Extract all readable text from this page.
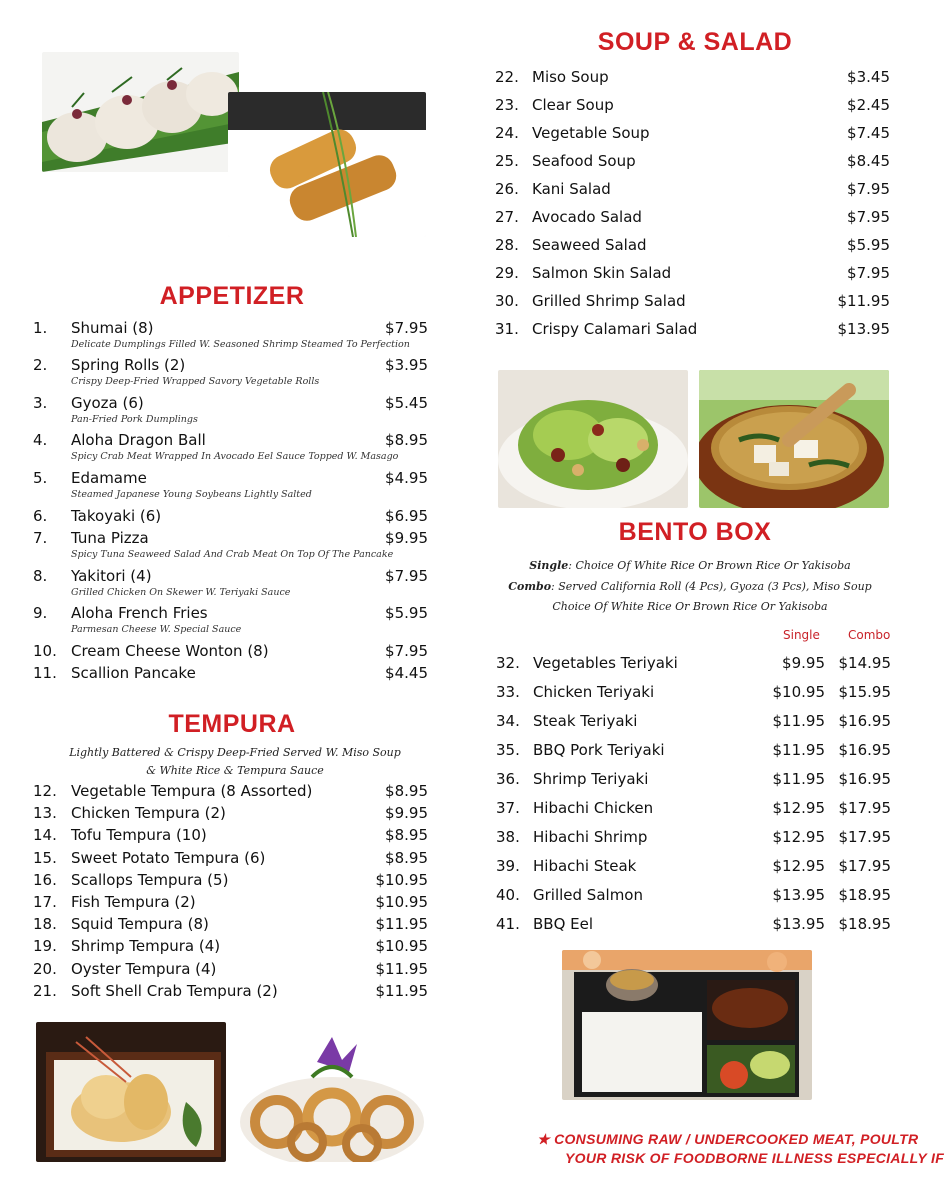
APPETIZER
1. Shumai (8)	$7.95
Delicate Dumplings Filled W. Seasoned Shrimp Steamed To Perfection
2. Spring Rolls (2)	$3.95
Crispy Deep-Fried Wrapped Savory Vegetable Rolls
3. Gyoza (6)	$5.45
Pan-Fried Pork Dumplings
4. Aloha Dragon Ball	$8.95
Spicy Crab Meat Wrapped In Avocado Eel Sauce Topped W. Masago
5. Edamame	$4.95
Steamed Japanese Young Soybeans Lightly Salted
6. Takoyaki (6)	$6.95
7. Tuna Pizza	$9.95
Spicy Tuna Seaweed Salad And Crab Meat On Top Of The Pancake
8. Yakitori (4)	$7.95
Grilled Chicken On Skewer W. Teriyaki Sauce
9. Aloha French Fries	$5.95
Parmesan Cheese W. Special Sauce
10. Cream Cheese Wonton (8)	$7.95
11. Scallion Pancake	$4.45
TEMPURA
Lightly Battered & Crispy Deep-Fried Served W. Miso Soup
& White Rice & Tempura Sauce
12. Vegetable Tempura (8 Assorted)	$8.95
13. Chicken Tempura (2)	$9.95
14. Tofu Tempura (10)	$8.95
15. Sweet Potato Tempura (6)	$8.95
16. Scallops Tempura (5)	$10.95
17. Fish Tempura (2)	$10.95
18. Squid Tempura (8)	$11.95
19. Shrimp Tempura (4)	$10.95
20. Oyster Tempura (4)	$11.95
21. Soft Shell Crab Tempura (2)	$11.95
SOUP & SALAD
22. Miso Soup	$3.45
23. Clear Soup	$2.45
24. Vegetable Soup	$7.45
25. Seafood Soup	$8.45
26. Kani Salad	$7.95
27. Avocado Salad	$7.95
28. Seaweed Salad	$5.95
29. Salmon Skin Salad	$7.95
30. Grilled Shrimp Salad	$11.95
31. Crispy Calamari Salad	$13.95
BENTO BOX
Single: Choice Of White Rice Or Brown Rice Or Yakisoba
Combo: Served California Roll (4 Pcs), Gyoza (3 Pcs), Miso Soup
Choice Of White Rice Or Brown Rice Or Yakisoba
Single Combo
32. Vegetables Teriyaki	$9.95 $14.95
33. Chicken Teriyaki	$10.95 $15.95
34. Steak Teriyaki	$11.95 $16.95
35. BBQ Pork Teriyaki	$11.95 $16.95
36. Shrimp Teriyaki	$11.95 $16.95
37. Hibachi Chicken	$12.95 $17.95
38. Hibachi Shrimp	$12.95 $17.95
39. Hibachi Steak	$12.95 $17.95
40. Grilled Salmon	$13.95 $18.95
41. BBQ Eel	$13.95 $18.95
★ CONSUMING RAW / UNDERCOOKED MEAT, POULTR
YOUR RISK OF FOODBORNE ILLNESS ESPECIALLY IF
